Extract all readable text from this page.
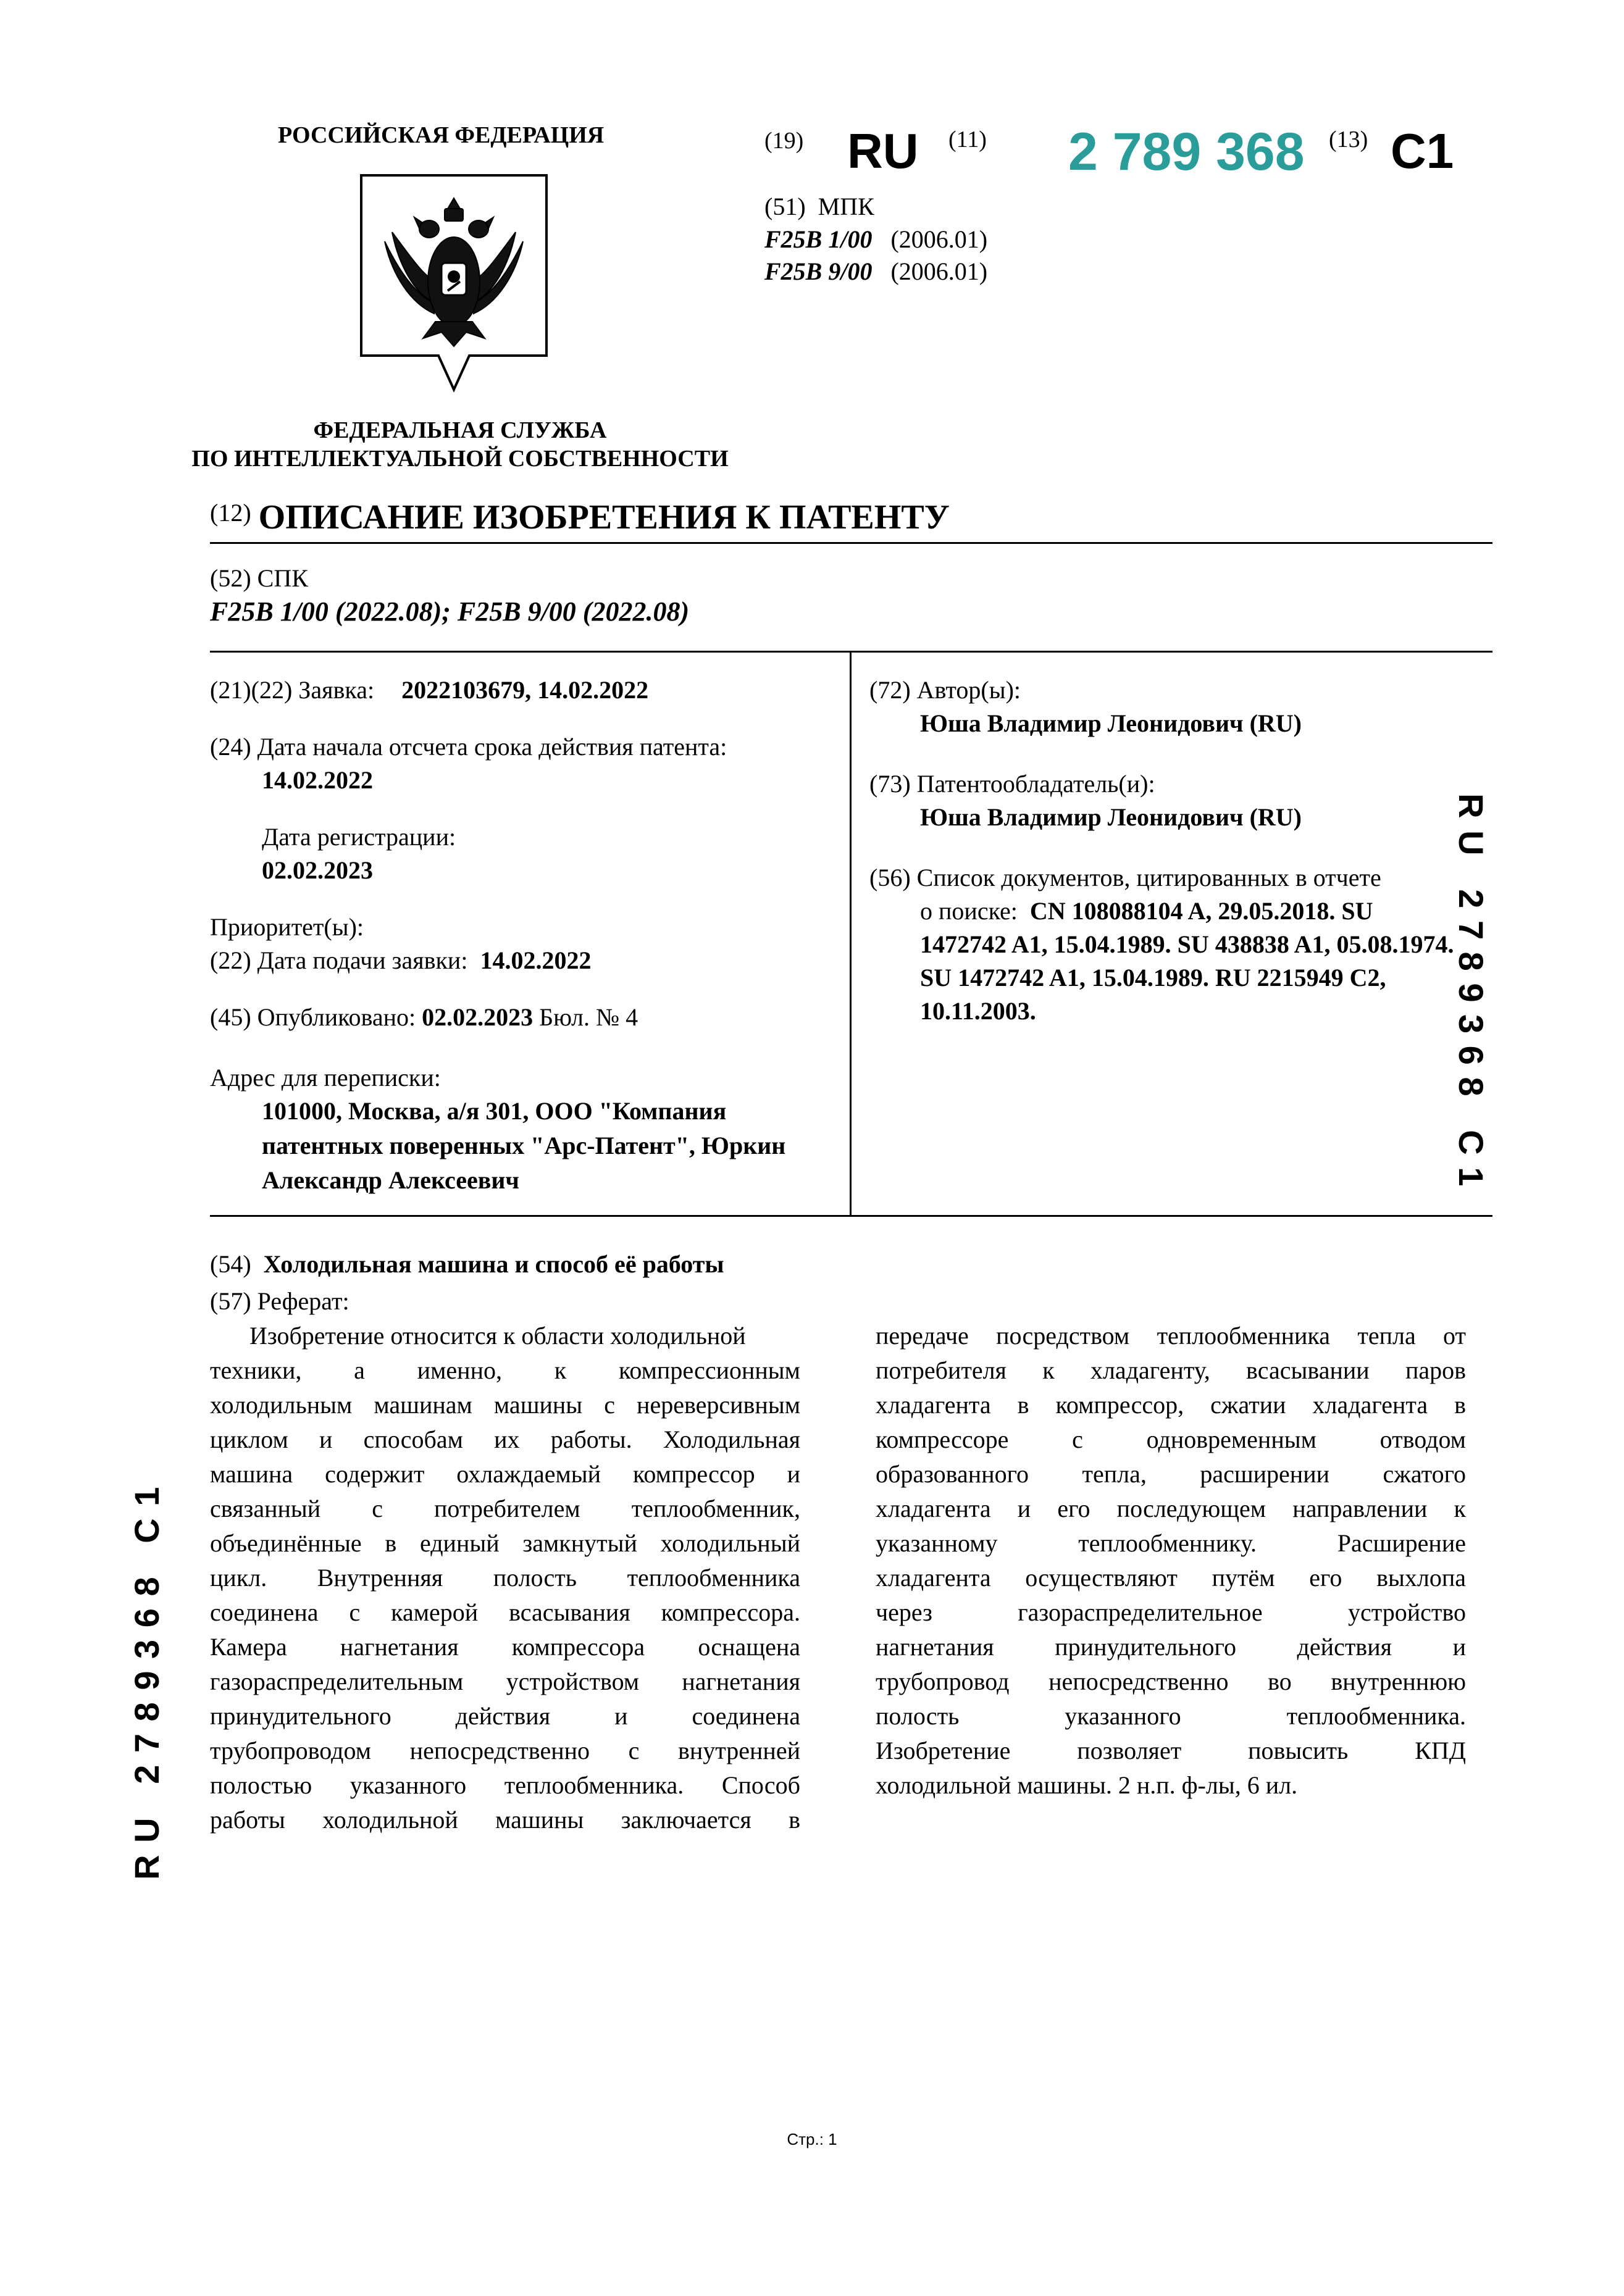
РОССИЙСКАЯ ФЕДЕРАЦИЯ
ФЕДЕРАЛЬНАЯ СЛУЖБА
ПО ИНТЕЛЛЕКТУАЛЬНОЙ СОБСТВЕННОСТИ
(19) RU (11) 2 789 368 (13) C1
(51) МПК
F25B 1/00 (2006.01)
F25B 9/00 (2006.01)
(12) ОПИСАНИЕ ИЗОБРЕТЕНИЯ К ПАТЕНТУ
(52) СПК
F25B 1/00 (2022.08); F25B 9/00 (2022.08)
(21)(22) Заявка: 2022103679, 14.02.2022
(24) Дата начала отсчета срока действия патента:
14.02.2022
Дата регистрации:
02.02.2023
Приоритет(ы):
(22) Дата подачи заявки: 14.02.2022
(45) Опубликовано: 02.02.2023 Бюл. № 4
Адрес для переписки:
101000, Москва, а/я 301, ООО "Компания
патентных поверенных "Арс-Патент", Юркин
Александр Алексеевич
(72) Автор(ы):
Юша Владимир Леонидович (RU)
(73) Патентообладатель(и):
Юша Владимир Леонидович (RU)
(56) Список документов, цитированных в отчете
о поиске: CN 108088104 A, 29.05.2018. SU
1472742 A1, 15.04.1989. SU 438838 A1, 05.08.1974.
SU 1472742 A1, 15.04.1989. RU 2215949 C2,
10.11.2003.
(54) Холодильная машина и способ её работы
(57) Реферат:
Изобретение относится к области холодильной
техники, а именно, к компрессионным
холодильным машинам машины с нереверсивным
циклом и способам их работы. Холодильная
машина содержит охлаждаемый компрессор и
связанный с потребителем теплообменник,
объединённые в единый замкнутый холодильный
цикл. Внутренняя полость теплообменника
соединена с камерой всасывания компрессора.
Камера нагнетания компрессора оснащена
газораспределительным устройством нагнетания
принудительного действия и соединена
трубопроводом непосредственно с внутренней
полостью указанного теплообменника. Способ
работы холодильной машины заключается в
передаче посредством теплообменника тепла от
потребителя к хладагенту, всасывании паров
хладагента в компрессор, сжатии хладагента в
компрессоре с одновременным отводом
образованного тепла, расширении сжатого
хладагента и его последующем направлении к
указанному теплообменнику. Расширение
хладагента осуществляют путём его выхлопа
через газораспределительное устройство
нагнетания принудительного действия и
трубопровод непосредственно во внутреннюю
полость указанного теплообменника.
Изобретение позволяет повысить КПД
холодильной машины. 2 н.п. ф-лы, 6 ил.

R U   2 7 8 9 3 6 8   C 1

R U   2 7 8 9 3 6 8   C 1

Стр.: 1
